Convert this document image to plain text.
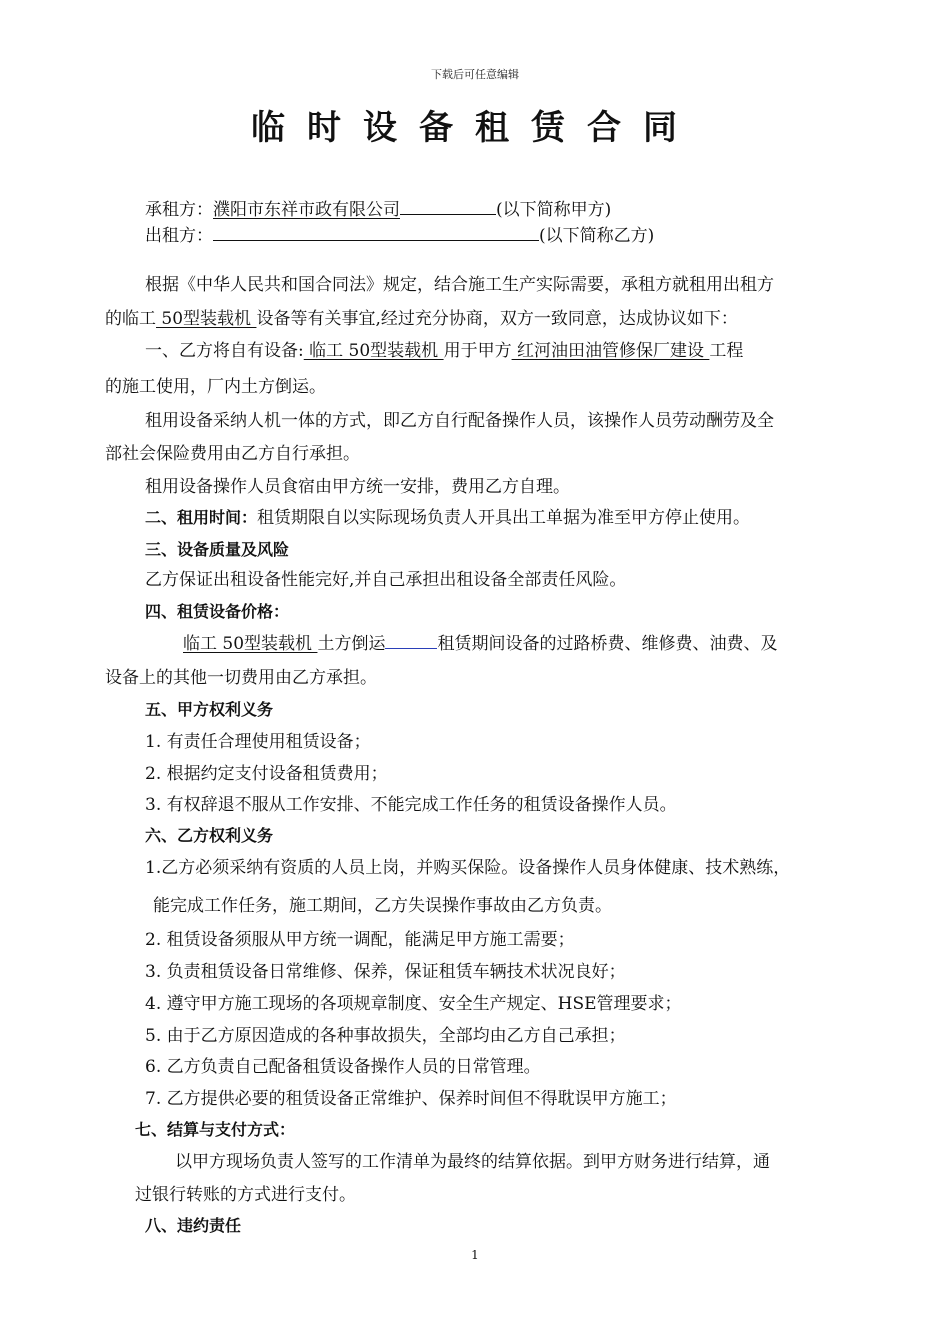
下载后可任意编辑
临时设备租赁合同
承租方：濮阳市东祥市政有限公司	(以下简称甲方)
出租方：	(以下简称乙方)
根据《中华人民共和国合同法》规定，结合施工生产实际需要，承租方就租用出租方
的临工 50型装载机 设备等有关事宜,经过充分协商，双方一致同意，达成协议如下：
一、乙方将自有设备: 临工 50型装载机 用于甲方 红河油田油管修保厂建设 工程
的施工使用，厂内土方倒运。
租用设备采纳人机一体的方式，即乙方自行配备操作人员，该操作人员劳动酬劳及全
部社会保险费用由乙方自行承担。
租用设备操作人员食宿由甲方统一安排，费用乙方自理。
二、租用时间：租赁期限自以实际现场负责人开具出工单据为准至甲方停止使用。
三、设备质量及风险
乙方保证出租设备性能完好,并自己承担出租设备全部责任风险。
四、租赁设备价格：
临工 50型装载机 土方倒运	租赁期间设备的过路桥费、维修费、油费、及
设备上的其他一切费用由乙方承担。
五、甲方权利义务
1. 有责任合理使用租赁设备；
2. 根据约定支付设备租赁费用；
3. 有权辞退不服从工作安排、不能完成工作任务的租赁设备操作人员。
六、乙方权利义务
1.乙方必须采纳有资质的人员上岗，并购买保险。设备操作人员身体健康、技术熟练，
能完成工作任务，施工期间，乙方失误操作事故由乙方负责。
2. 租赁设备须服从甲方统一调配，能满足甲方施工需要；
3. 负责租赁设备日常维修、保养，保证租赁车辆技术状况良好；
4. 遵守甲方施工现场的各项规章制度、安全生产规定、HSE管理要求；
5. 由于乙方原因造成的各种事故损失，全部均由乙方自己承担；
6. 乙方负责自己配备租赁设备操作人员的日常管理。
7. 乙方提供必要的租赁设备正常维护、保养时间但不得耽误甲方施工；
七、结算与支付方式：
以甲方现场负责人签写的工作清单为最终的结算依据。到甲方财务进行结算，通
过银行转账的方式进行支付。
八、违约责任
1
